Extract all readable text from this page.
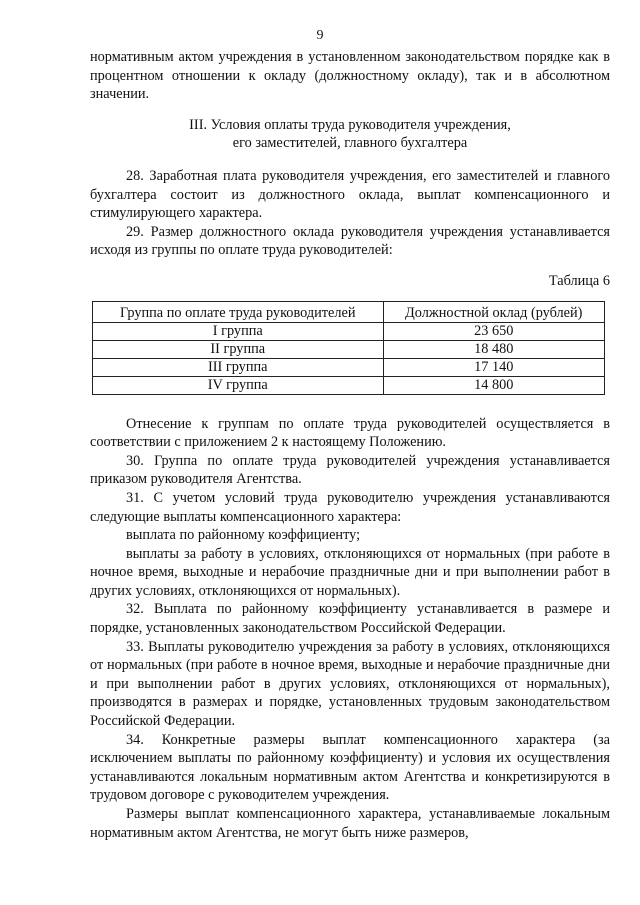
9

нормативным актом учреждения в установленном законодательством порядке как в процентном отношении к окладу (должностному окладу), так и в абсолютном значении.

III. Условия оплаты труда руководителя учреждения,
его заместителей, главного бухгалтера

28. Заработная плата руководителя учреждения, его заместителей и главного бухгалтера состоит из должностного оклада, выплат компенсационного и стимулирующего характера.

29. Размер должностного оклада руководителя учреждения устанавливается исходя из группы по оплате труда руководителей:

Таблица 6
Группа по оплате труда руководителей	Должностной оклад (рублей)
I группа	23 650
II группа	18 480
III группа	17 140
IV группа	14 800

Отнесение к группам по оплате труда руководителей осуществляется в соответствии с приложением 2 к настоящему Положению.

30. Группа по оплате труда руководителей учреждения устанавливается приказом руководителя Агентства.

31. С учетом условий труда руководителю учреждения устанавливаются следующие выплаты компенсационного характера:

выплата по районному коэффициенту;

выплаты за работу в условиях, отклоняющихся от нормальных (при работе в ночное время, выходные и нерабочие праздничные дни и при выполнении работ в других условиях, отклоняющихся от нормальных).

32. Выплата по районному коэффициенту устанавливается в размере и порядке, установленных законодательством Российской Федерации.

33. Выплаты руководителю учреждения за работу в условиях, отклоняющихся от нормальных (при работе в ночное время, выходные и нерабочие праздничные дни и при выполнении работ в других условиях, отклоняющихся от нормальных), производятся в размерах и порядке, установленных трудовым законодательством Российской Федерации.

34. Конкретные размеры выплат компенсационного характера (за исключением выплаты по районному коэффициенту) и условия их осуществления устанавливаются локальным нормативным актом Агентства и конкретизируются в трудовом договоре с руководителем учреждения.

Размеры выплат компенсационного характера, устанавливаемые локальным нормативным актом Агентства, не могут быть ниже размеров,
